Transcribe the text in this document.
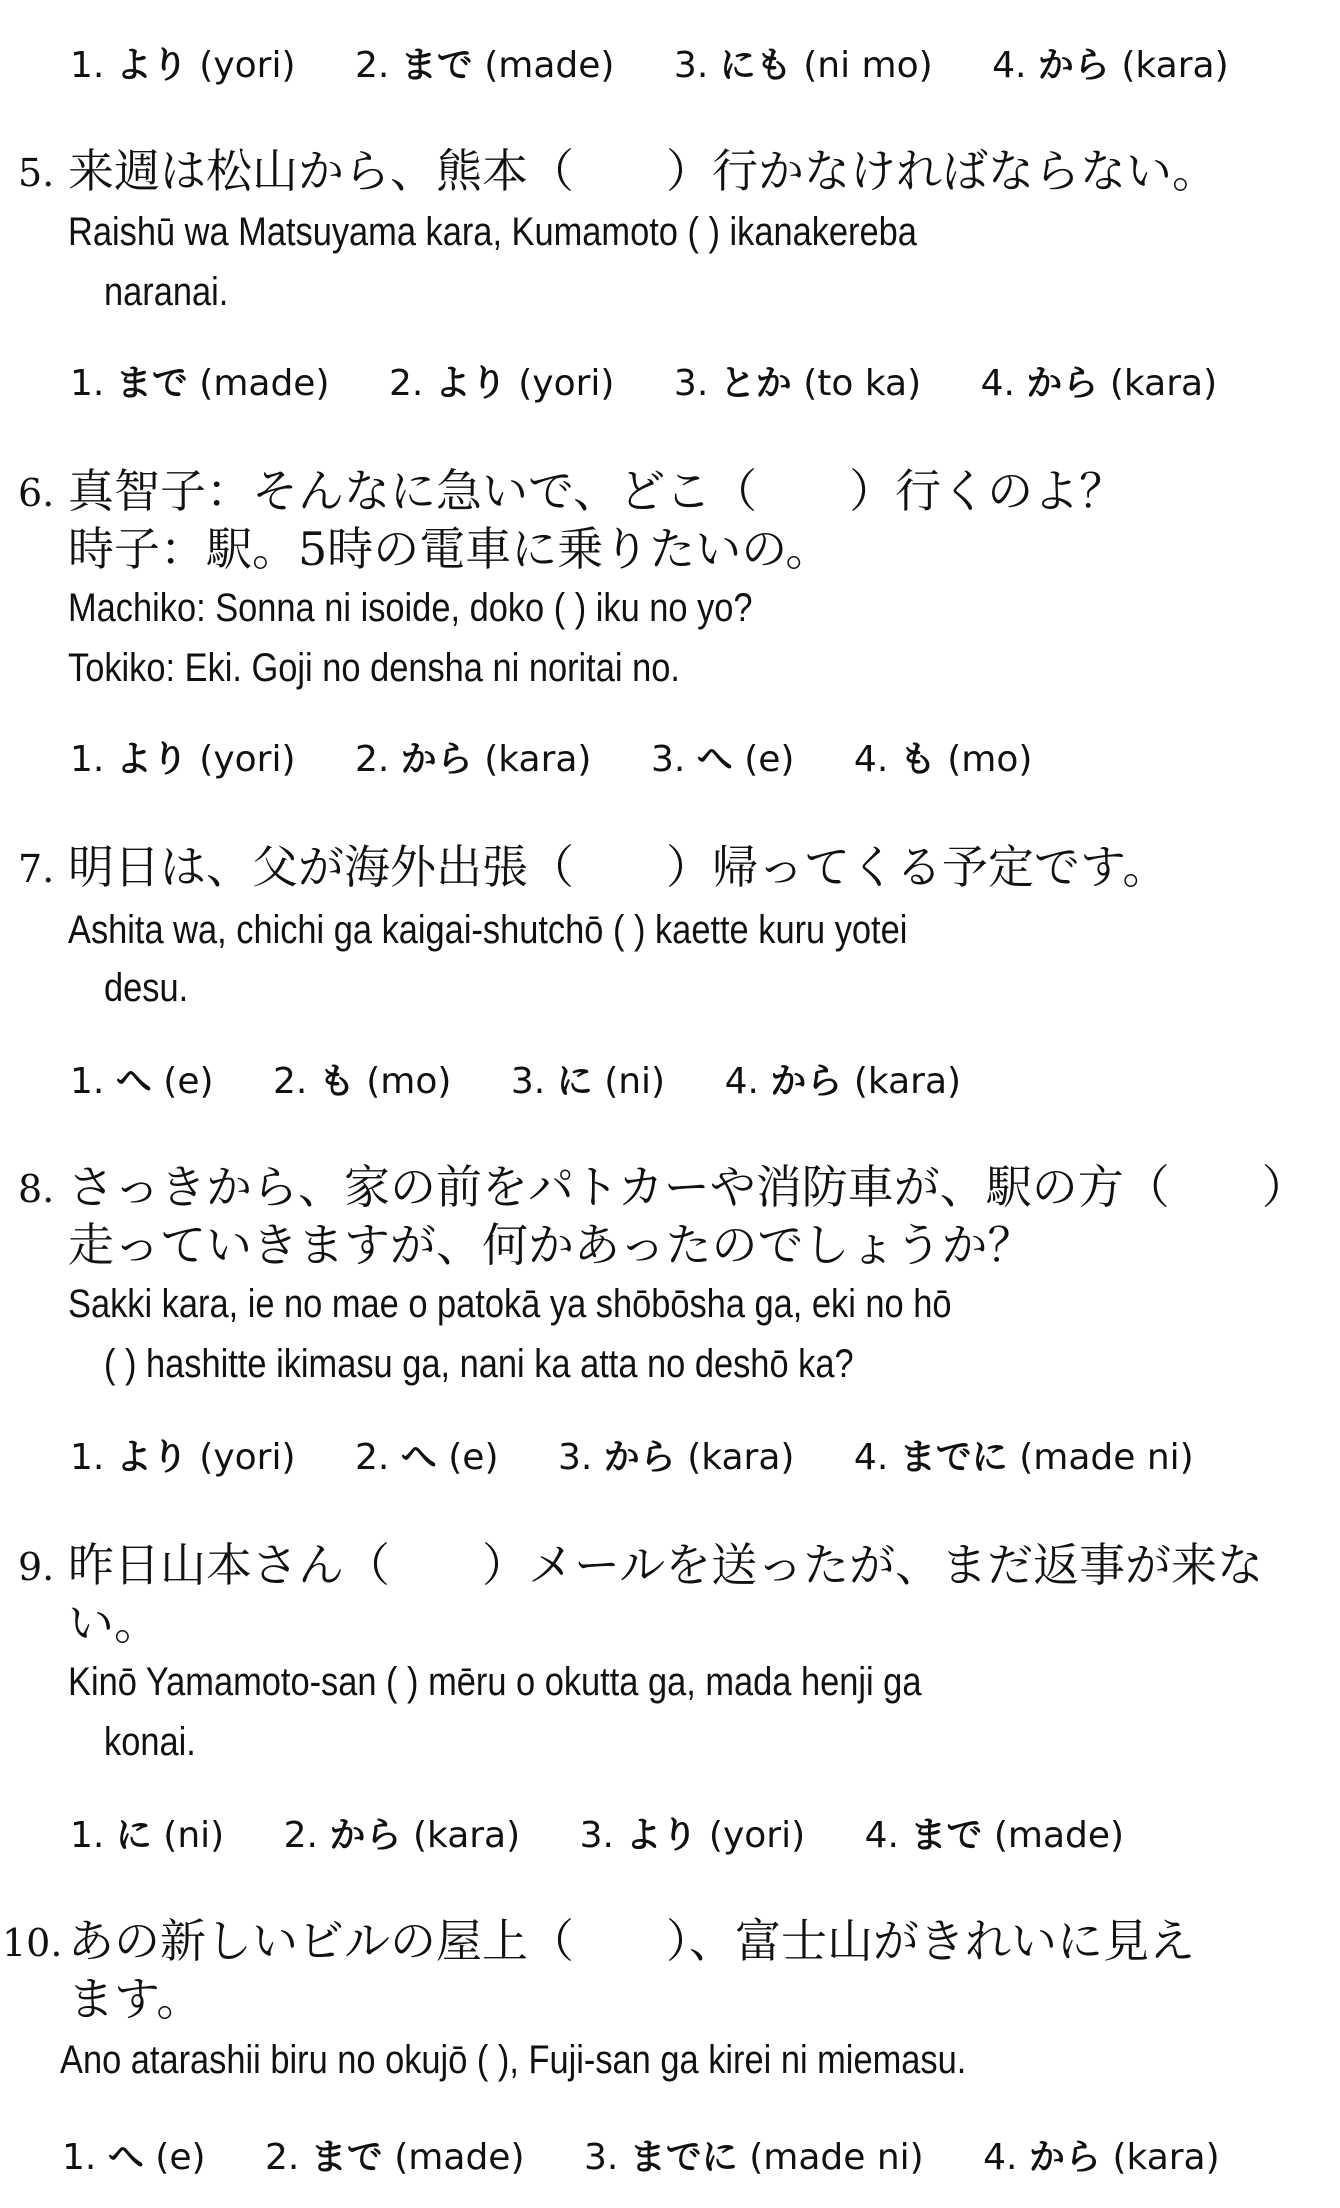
1. より (yori) 2. まで (made) 3. にも (ni mo) 4. から (kara)
5. 来週は松山から、熊本（　　）行かなければならない。
Raishū wa Matsuyama kara, Kumamoto ( ) ikanakereba
naranai.
1. まで (made) 2. より (yori) 3. とか (to ka) 4. から (kara)
6. 真智子：そんなに急いで、どこ（　　）行くのよ？
時子：駅。5時の電車に乗りたいの。
Machiko: Sonna ni isoide, doko ( ) iku no yo?
Tokiko: Eki. Goji no densha ni noritai no.
1. より (yori) 2. から (kara) 3. へ (e) 4. も (mo)
7. 明日は、父が海外出張（　　）帰ってくる予定です。
Ashita wa, chichi ga kaigai-shutchō ( ) kaette kuru yotei
desu.
1. へ (e) 2. も (mo) 3. に (ni) 4. から (kara)
8. さっきから、家の前をパトカーや消防車が、駅の方（　　）
走っていきますが、何かあったのでしょうか？
Sakki kara, ie no mae o patokā ya shōbōsha ga, eki no hō
( ) hashitte ikimasu ga, nani ka atta no deshō ka?
1. より (yori) 2. へ (e) 3. から (kara) 4. までに (made ni)
9. 昨日山本さん（　　）メールを送ったが、まだ返事が来な
い。
Kinō Yamamoto-san ( ) mēru o okutta ga, mada henji ga
konai.
1. に (ni) 2. から (kara) 3. より (yori) 4. まで (made)
10. あの新しいビルの屋上（　　）、富士山がきれいに見え
ます。
Ano atarashii biru no okujō ( ), Fuji-san ga kirei ni miemasu.
1. へ (e) 2. まで (made) 3. までに (made ni) 4. から (kara)
